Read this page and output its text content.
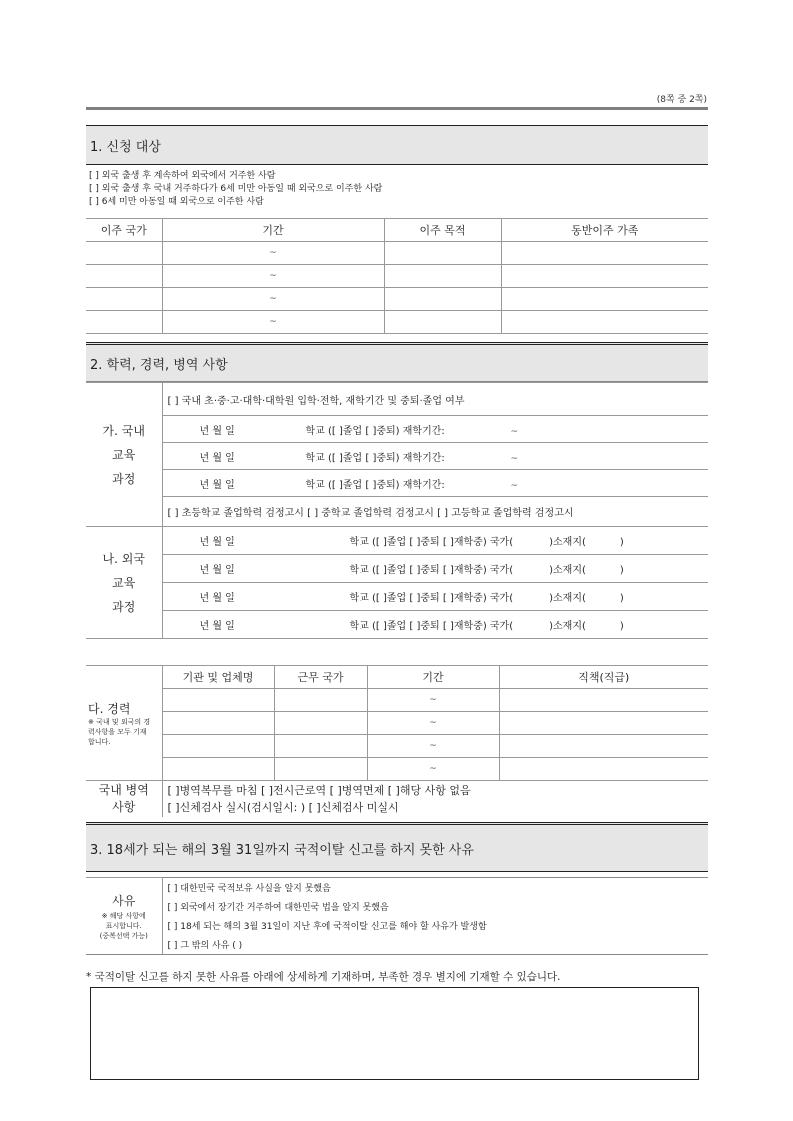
(8쪽 중 2쪽)
1. 신청 대상
[ ] 외국 출생 후 계속하여 외국에서 거주한 사람
[ ] 외국 출생 후 국내 거주하다가 6세 미만 아동일 때 외국으로 이주한 사람
[ ] 6세 미만 아동일 때 외국으로 이주한 사람
이주 국가	기간	이주 목적	동반이주 가족
	~		
	~		
	~		
	~		
2. 학력, 경력, 병역 사항
가. 국내
교육
과정	[ ] 국내 초·중·고·대학·대학원 입학·전학, 재학기간 및 중퇴·졸업 여부
	년 월 일 학교 ([ ]졸업 [ ]중퇴) 재학기간: ~
	년 월 일 학교 ([ ]졸업 [ ]중퇴) 재학기간: ~
	년 월 일 학교 ([ ]졸업 [ ]중퇴) 재학기간: ~
	[ ] 초등학교 졸업학력 검정고시 [ ] 중학교 졸업학력 검정고시 [ ] 고등학교 졸업학력 검정고시

나. 외국
교육
과정	년 월 일 학교 ([ ]졸업 [ ]중퇴 [ ]재학중) 국가( )소재지( )
	년 월 일 학교 ([ ]졸업 [ ]중퇴 [ ]재학중) 국가( )소재지( )
	년 월 일 학교 ([ ]졸업 [ ]중퇴 [ ]재학중) 국가( )소재지( )
	년 월 일 학교 ([ ]졸업 [ ]중퇴 [ ]재학중) 국가( )소재지( )
다. 경력
※ 국내 및 외국의 경력사항을 모두 기재합니다.	기관 및 업체명	근무 국가	기간	직책(직급)
			~	
			~	
			~	
			~	
국내 병역
사항

[ ]병역복무를 마침 [ ]전시근로역 [ ]병역면제 [ ]해당 사항 없음
[ ]신체검사 실시(검시일시: ) [ ]신체검사 미실시
3. 18세가 되는 해의 3월 31일까지 국적이탈 신고를 하지 못한 사유
사유
※ 해당 사항에
표시합니다.
(중복선택 가능)
	[ ] 대한민국 국적보유 사실을 알지 못했음
[ ] 외국에서 장기간 거주하여 대한민국 법을 알지 못했음
[ ] 18세 되는 해의 3월 31일이 지난 후에 국적이탈 신고를 해야 할 사유가 발생함
[ ] 그 밖의 사유 ( )
* 국적이탈 신고를 하지 못한 사유를 아래에 상세하게 기재하며, 부족한 경우 별지에 기재할 수 있습니다.
